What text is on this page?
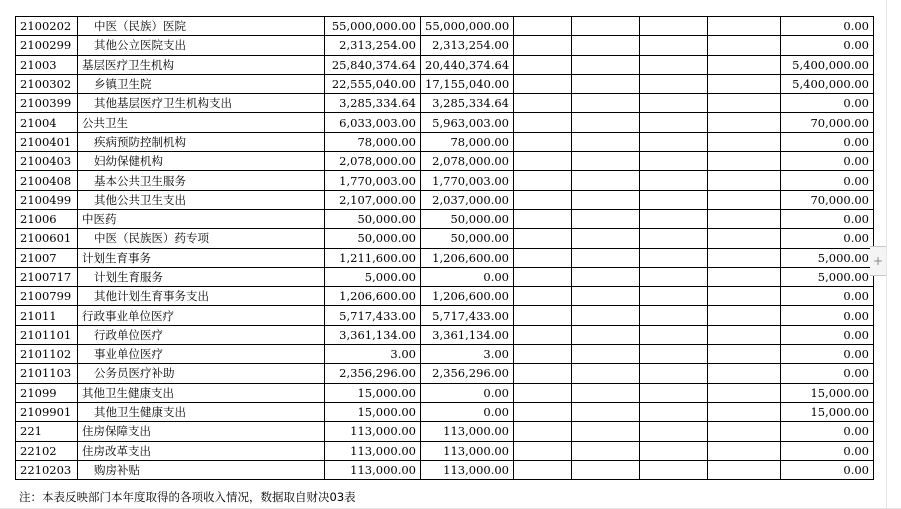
2100202	中医（民族）医院	55,000,000.00	55,000,000.00					0.00
2100299	其他公立医院支出	2,313,254.00	2,313,254.00					0.00
21003	基层医疗卫生机构	25,840,374.64	20,440,374.64					5,400,000.00
2100302	乡镇卫生院	22,555,040.00	17,155,040.00					5,400,000.00
2100399	其他基层医疗卫生机构支出	3,285,334.64	3,285,334.64					0.00
21004	公共卫生	6,033,003.00	5,963,003.00					70,000.00
2100401	疾病预防控制机构	78,000.00	78,000.00					0.00
2100403	妇幼保健机构	2,078,000.00	2,078,000.00					0.00
2100408	基本公共卫生服务	1,770,003.00	1,770,003.00					0.00
2100499	其他公共卫生支出	2,107,000.00	2,037,000.00					70,000.00
21006	中医药	50,000.00	50,000.00					0.00
2100601	中医（民族医）药专项	50,000.00	50,000.00					0.00
21007	计划生育事务	1,211,600.00	1,206,600.00					5,000.00
2100717	计划生育服务	5,000.00	0.00					5,000.00
2100799	其他计划生育事务支出	1,206,600.00	1,206,600.00					0.00
21011	行政事业单位医疗	5,717,433.00	5,717,433.00					0.00
2101101	行政单位医疗	3,361,134.00	3,361,134.00					0.00
2101102	事业单位医疗	3.00	3.00					0.00
2101103	公务员医疗补助	2,356,296.00	2,356,296.00					0.00
21099	其他卫生健康支出	15,000.00	0.00					15,000.00
2109901	其他卫生健康支出	15,000.00	0.00					15,000.00
221	住房保障支出	113,000.00	113,000.00					0.00
22102	住房改革支出	113,000.00	113,000.00					0.00
2210203	购房补贴	113,000.00	113,000.00					0.00
注：本表反映部门本年度取得的各项收入情况，数据取自财决03表
+
